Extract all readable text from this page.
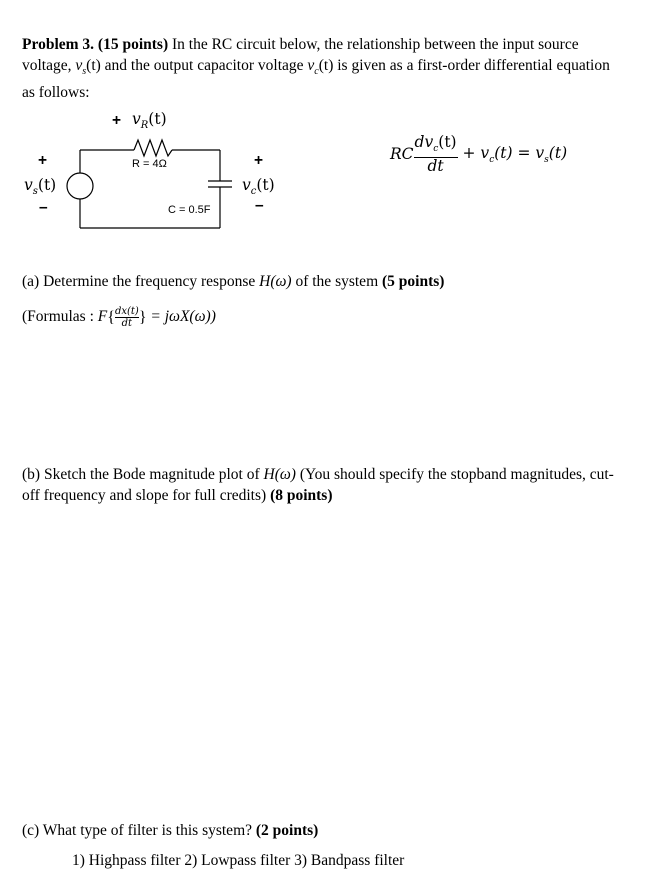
Problem 3. (15 points) In the RC circuit below, the relationship between the input source
voltage, $v_s(t)$ and the output capacitor voltage $v_c(t)$ is given as a first-order differential equation
as follows:

+ $v_R(t)$
R = 4Ω
C = 0.5F
+
$v_s(t)$
–
+
$v_c(t)$
–
RC $\frac{dv_c(t)}{dt} + v_c(t) = v_s(t)$

(a) Determine the frequency response H(ω) of the system (5 points)

(Formulas : $F\{ \frac{dx(t)}{dt}$ } = jωX(ω))

(b) Sketch the Bode magnitude plot of H(ω) (You should specify the stopband magnitudes, cut-
off frequency and slope for full credits) (8 points)

(c) What type of filter is this system? (2 points)

1) Highpass filter 2) Lowpass filter 3) Bandpass filter
